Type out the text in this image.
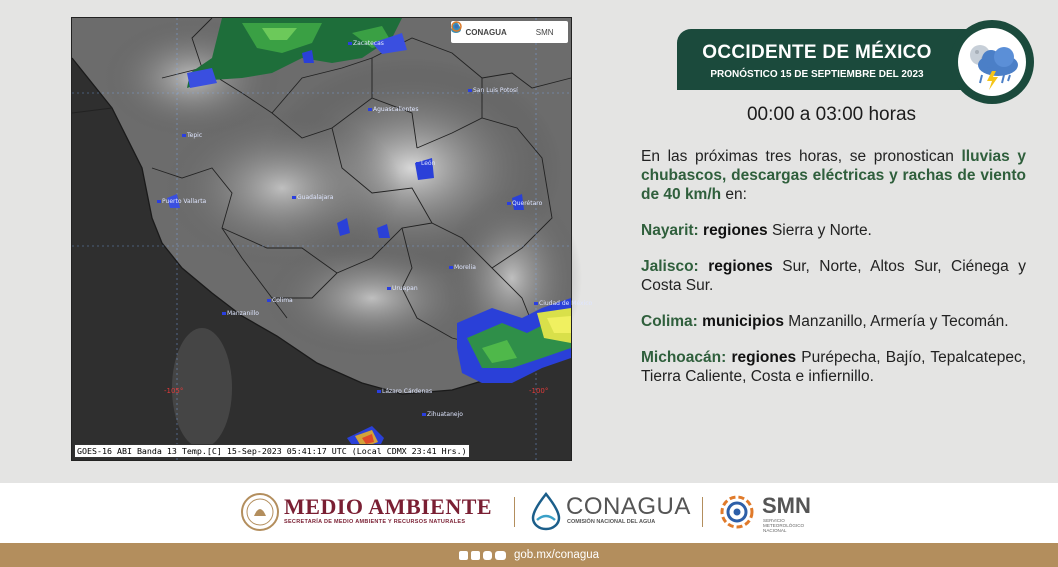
San Luis Potosí
Aguascalientes
Zacatecas
Tepic
León
Puerto Vallarta
Guadalajara
Querétaro
Morelia
Uruapan
Colima
Manzanillo
Lázaro Cárdenas
Zihuatanejo
Ciudad de México
-105°	-100°
CONAGUA	SMN
GOES-16 ABI Banda 13 Temp.[C] 15-Sep-2023 05:41:17 UTC (Local CDMX 23:41 Hrs.)
OCCIDENTE DE MÉXICO
PRONÓSTICO 15 DE SEPTIEMBRE DEL 2023
00:00 a 03:00 horas

En las próximas tres horas, se pronostican lluvias y chubascos, descargas eléctricas y rachas de viento de 40 km/h en:

Nayarit: regiones Sierra y Norte.

Jalisco: regiones Sur, Norte, Altos Sur, Ciénega y Costa Sur.

Colima: municipios Manzanillo, Armería y Tecomán.

Michoacán: regiones Purépecha, Bajío, Tepalcatepec, Tierra Caliente, Costa e infiernillo.

MEDIO AMBIENTE
SECRETARÍA DE MEDIO AMBIENTE Y RECURSOS NATURALES
CONAGUA
COMISIÓN NACIONAL DEL AGUA
SMN
SERVICIO METEOROLÓGICO NACIONAL
gob.mx/conagua
